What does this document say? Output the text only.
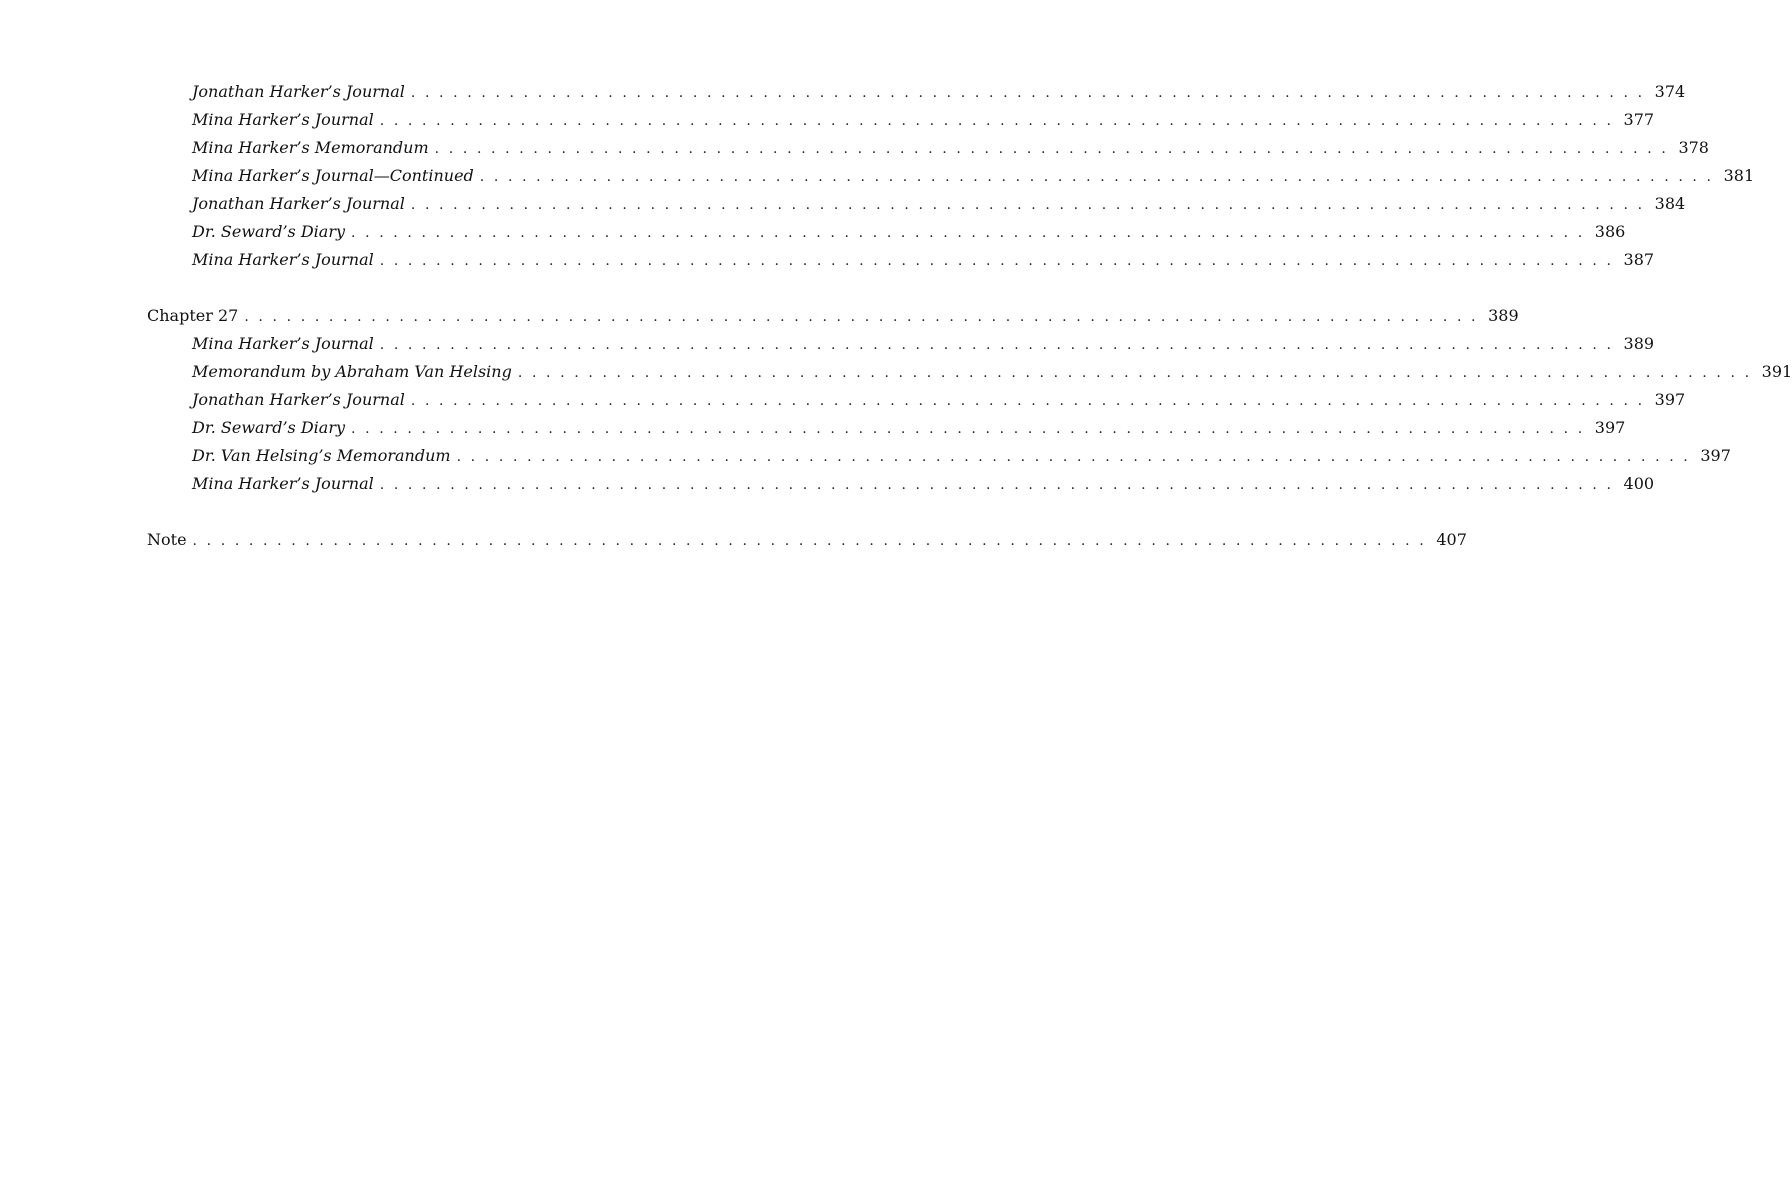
Jonathan Harker’s Journal . . . . . . . . . . . . . . . . . . . . . . . . . . . . . . . . . . . . . . . . . . . . . . . . . . . . . . . . . . . . . . . . . . . . . . . . . . . . . . . . . . . . . . . . 374
Mina Harker’s Journal . . . . . . . . . . . . . . . . . . . . . . . . . . . . . . . . . . . . . . . . . . . . . . . . . . . . . . . . . . . . . . . . . . . . . . . . . . . . . . . . . . . . . . . . 377
Mina Harker’s Memorandum . . . . . . . . . . . . . . . . . . . . . . . . . . . . . . . . . . . . . . . . . . . . . . . . . . . . . . . . . . . . . . . . . . . . . . . . . . . . . . . . . . . . . . . . 378
Mina Harker’s Journal—Continued . . . . . . . . . . . . . . . . . . . . . . . . . . . . . . . . . . . . . . . . . . . . . . . . . . . . . . . . . . . . . . . . . . . . . . . . . . . . . . . . . . . . . . . . 381
Jonathan Harker’s Journal . . . . . . . . . . . . . . . . . . . . . . . . . . . . . . . . . . . . . . . . . . . . . . . . . . . . . . . . . . . . . . . . . . . . . . . . . . . . . . . . . . . . . . . . 384
Dr. Seward’s Diary . . . . . . . . . . . . . . . . . . . . . . . . . . . . . . . . . . . . . . . . . . . . . . . . . . . . . . . . . . . . . . . . . . . . . . . . . . . . . . . . . . . . . . . . 386
Mina Harker’s Journal . . . . . . . . . . . . . . . . . . . . . . . . . . . . . . . . . . . . . . . . . . . . . . . . . . . . . . . . . . . . . . . . . . . . . . . . . . . . . . . . . . . . . . . . 387
Chapter 27 . . . . . . . . . . . . . . . . . . . . . . . . . . . . . . . . . . . . . . . . . . . . . . . . . . . . . . . . . . . . . . . . . . . . . . . . . . . . . . . . . . . . . . . . 389
Mina Harker’s Journal . . . . . . . . . . . . . . . . . . . . . . . . . . . . . . . . . . . . . . . . . . . . . . . . . . . . . . . . . . . . . . . . . . . . . . . . . . . . . . . . . . . . . . . . 389
Memorandum by Abraham Van Helsing . . . . . . . . . . . . . . . . . . . . . . . . . . . . . . . . . . . . . . . . . . . . . . . . . . . . . . . . . . . . . . . . . . . . . . . . . . . . . . . . . . . . . . . . 391
Jonathan Harker’s Journal . . . . . . . . . . . . . . . . . . . . . . . . . . . . . . . . . . . . . . . . . . . . . . . . . . . . . . . . . . . . . . . . . . . . . . . . . . . . . . . . . . . . . . . . 397
Dr. Seward’s Diary . . . . . . . . . . . . . . . . . . . . . . . . . . . . . . . . . . . . . . . . . . . . . . . . . . . . . . . . . . . . . . . . . . . . . . . . . . . . . . . . . . . . . . . . 397
Dr. Van Helsing’s Memorandum . . . . . . . . . . . . . . . . . . . . . . . . . . . . . . . . . . . . . . . . . . . . . . . . . . . . . . . . . . . . . . . . . . . . . . . . . . . . . . . . . . . . . . . . 397
Mina Harker’s Journal . . . . . . . . . . . . . . . . . . . . . . . . . . . . . . . . . . . . . . . . . . . . . . . . . . . . . . . . . . . . . . . . . . . . . . . . . . . . . . . . . . . . . . . . 400
Note . . . . . . . . . . . . . . . . . . . . . . . . . . . . . . . . . . . . . . . . . . . . . . . . . . . . . . . . . . . . . . . . . . . . . . . . . . . . . . . . . . . . . . . . 407
